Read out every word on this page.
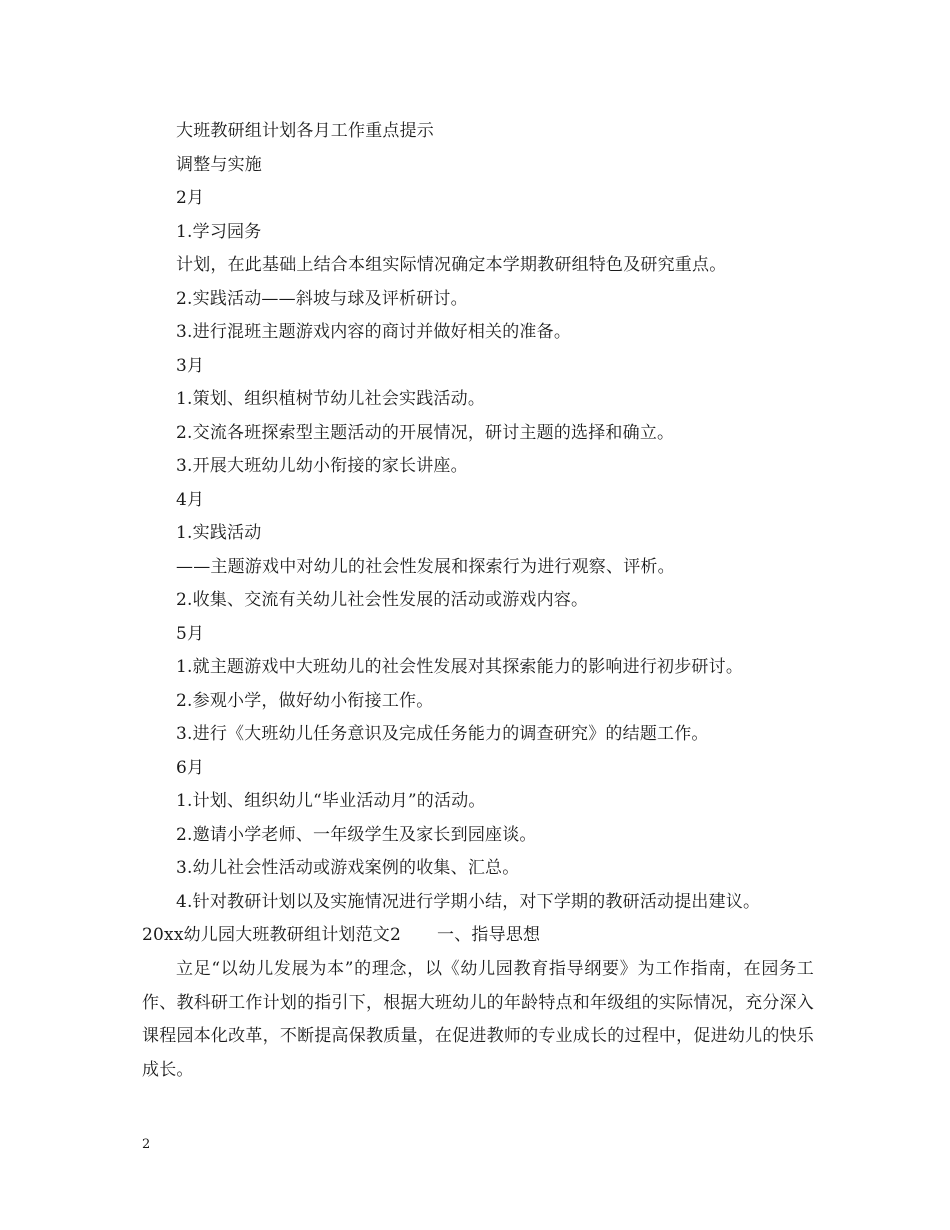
大班教研组计划各月工作重点提示
调整与实施
2月
1.学习园务
计划，在此基础上结合本组实际情况确定本学期教研组特色及研究重点。
2.实践活动——斜坡与球及评析研讨。
3.进行混班主题游戏内容的商讨并做好相关的准备。
3月
1.策划、组织植树节幼儿社会实践活动。
2.交流各班探索型主题活动的开展情况，研讨主题的选择和确立。
3.开展大班幼儿幼小衔接的家长讲座。
4月
1.实践活动
——主题游戏中对幼儿的社会性发展和探索行为进行观察、评析。
2.收集、交流有关幼儿社会性发展的活动或游戏内容。
5月
1.就主题游戏中大班幼儿的社会性发展对其探索能力的影响进行初步研讨。
2.参观小学，做好幼小衔接工作。
3.进行《大班幼儿任务意识及完成任务能力的调查研究》的结题工作。
6月
1.计划、组织幼儿“毕业活动月”的活动。
2.邀请小学老师、一年级学生及家长到园座谈。
3.幼儿社会性活动或游戏案例的收集、汇总。
4.针对教研计划以及实施情况进行学期小结，对下学期的教研活动提出建议。
20xx幼儿园大班教研组计划范文2 一、指导思想
立足“以幼儿发展为本”的理念，以《幼儿园教育指导纲要》为工作指南，在园务工作、教科研工作计划的指引下，根据大班幼儿的年龄特点和年级组的实际情况，充分深入课程园本化改革，不断提高保教质量，在促进教师的专业成长的过程中，促进幼儿的快乐成长。
2
